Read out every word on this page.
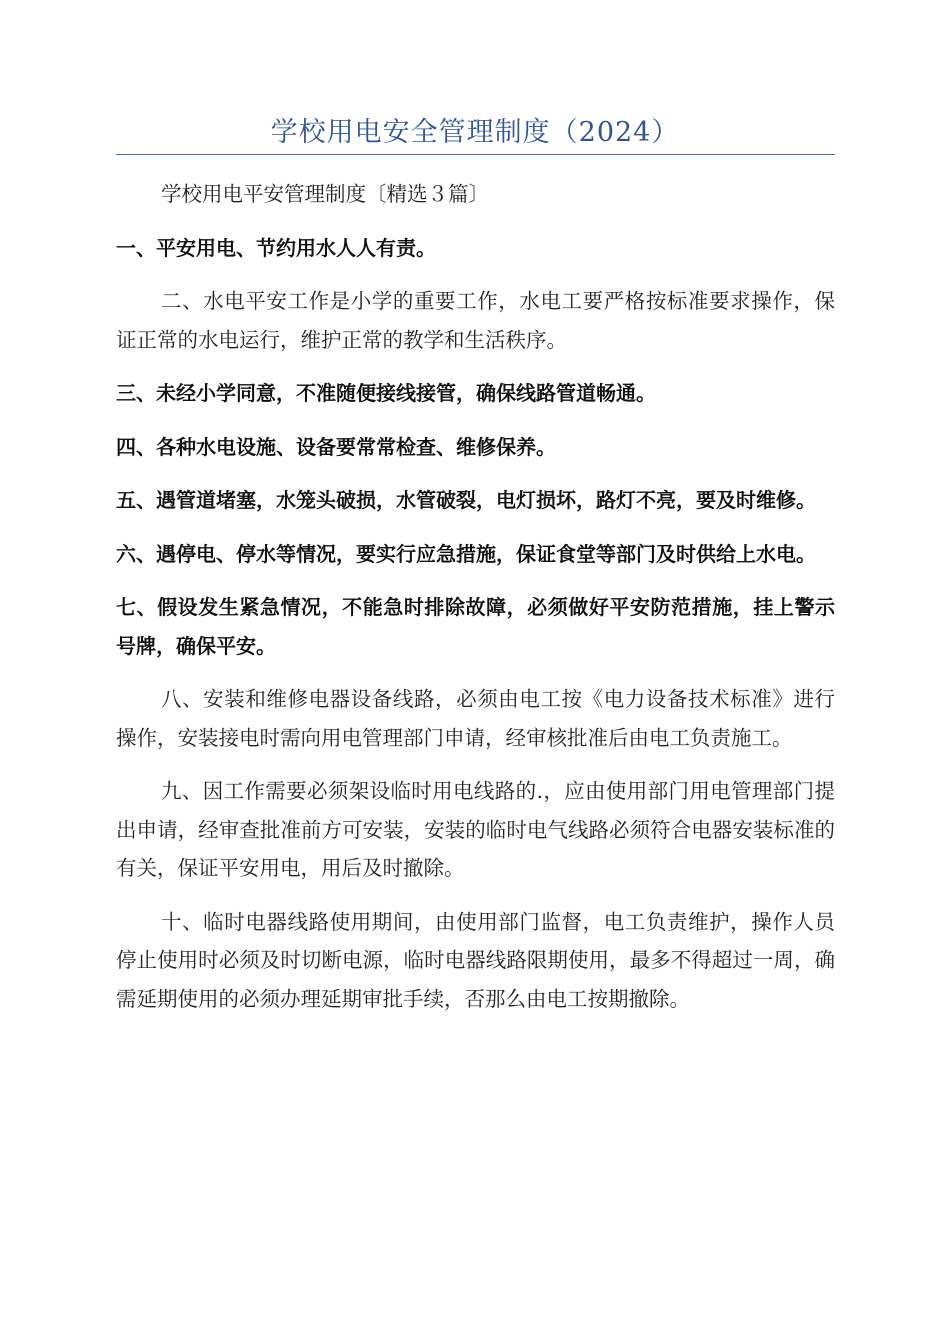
学校用电安全管理制度（2024）

学校用电平安管理制度〔精选３篇〕

一、平安用电、节约用水人人有责。

二、水电平安工作是小学的重要工作，水电工要严格按标准要求操作，保证正常的水电运行，维护正常的教学和生活秩序。

三、未经小学同意，不准随便接线接管，确保线路管道畅通。

四、各种水电设施、设备要常常检查、维修保养。

五、遇管道堵塞，水笼头破损，水管破裂，电灯损坏，路灯不亮，要及时维修。

六、遇停电、停水等情况，要实行应急措施，保证食堂等部门及时供给上水电。

七、假设发生紧急情况，不能急时排除故障，必须做好平安防范措施，挂上警示号牌，确保平安。

八、安装和维修电器设备线路，必须由电工按《电力设备技术标准》进行操作，安装接电时需向用电管理部门申请，经审核批准后由电工负责施工。

九、因工作需要必须架设临时用电线路的.，应由使用部门用电管理部门提出申请，经审查批准前方可安装，安装的临时电气线路必须符合电器安装标准的有关，保证平安用电，用后及时撤除。

十、临时电器线路使用期间，由使用部门监督，电工负责维护，操作人员停止使用时必须及时切断电源，临时电器线路限期使用，最多不得超过一周，确需延期使用的必须办理延期审批手续，否那么由电工按期撤除。
